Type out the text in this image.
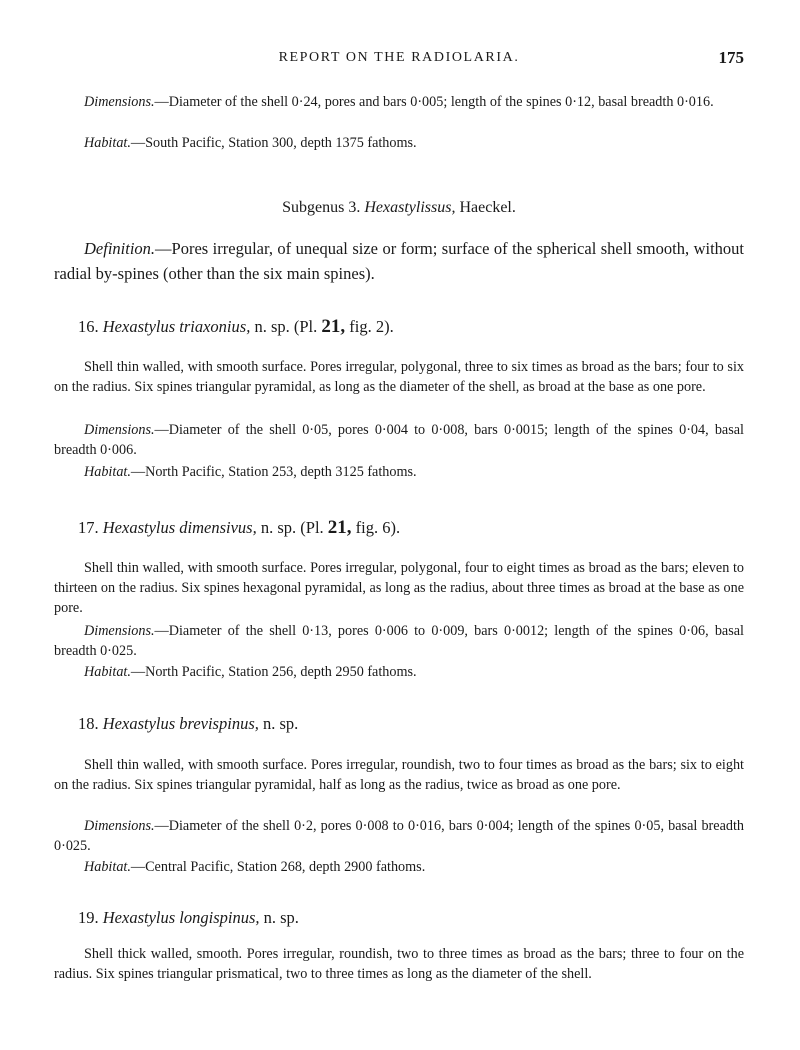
REPORT ON THE RADIOLARIA.	175

Dimensions.—Diameter of the shell 0·24, pores and bars 0·005; length of the spines 0·12, basal breadth 0·016.

Habitat.—South Pacific, Station 300, depth 1375 fathoms.

Subgenus 3. Hexastylissus, Haeckel.

Definition.—Pores irregular, of unequal size or form; surface of the spherical shell smooth, without radial by-spines (other than the six main spines).

16. Hexastylus triaxonius, n. sp. (Pl. 21, fig. 2).

Shell thin walled, with smooth surface. Pores irregular, polygonal, three to six times as broad as the bars; four to six on the radius. Six spines triangular pyramidal, as long as the diameter of the shell, as broad at the base as one pore.

Dimensions.—Diameter of the shell 0·05, pores 0·004 to 0·008, bars 0·0015; length of the spines 0·04, basal breadth 0·006.

Habitat.—North Pacific, Station 253, depth 3125 fathoms.

17. Hexastylus dimensivus, n. sp. (Pl. 21, fig. 6).

Shell thin walled, with smooth surface. Pores irregular, polygonal, four to eight times as broad as the bars; eleven to thirteen on the radius. Six spines hexagonal pyramidal, as long as the radius, about three times as broad at the base as one pore.

Dimensions.—Diameter of the shell 0·13, pores 0·006 to 0·009, bars 0·0012; length of the spines 0·06, basal breadth 0·025.

Habitat.—North Pacific, Station 256, depth 2950 fathoms.

18. Hexastylus brevispinus, n. sp.

Shell thin walled, with smooth surface. Pores irregular, roundish, two to four times as broad as the bars; six to eight on the radius. Six spines triangular pyramidal, half as long as the radius, twice as broad as one pore.

Dimensions.—Diameter of the shell 0·2, pores 0·008 to 0·016, bars 0·004; length of the spines 0·05, basal breadth 0·025.

Habitat.—Central Pacific, Station 268, depth 2900 fathoms.

19. Hexastylus longispinus, n. sp.

Shell thick walled, smooth. Pores irregular, roundish, two to three times as broad as the bars; three to four on the radius. Six spines triangular prismatical, two to three times as long as the diameter of the shell.
